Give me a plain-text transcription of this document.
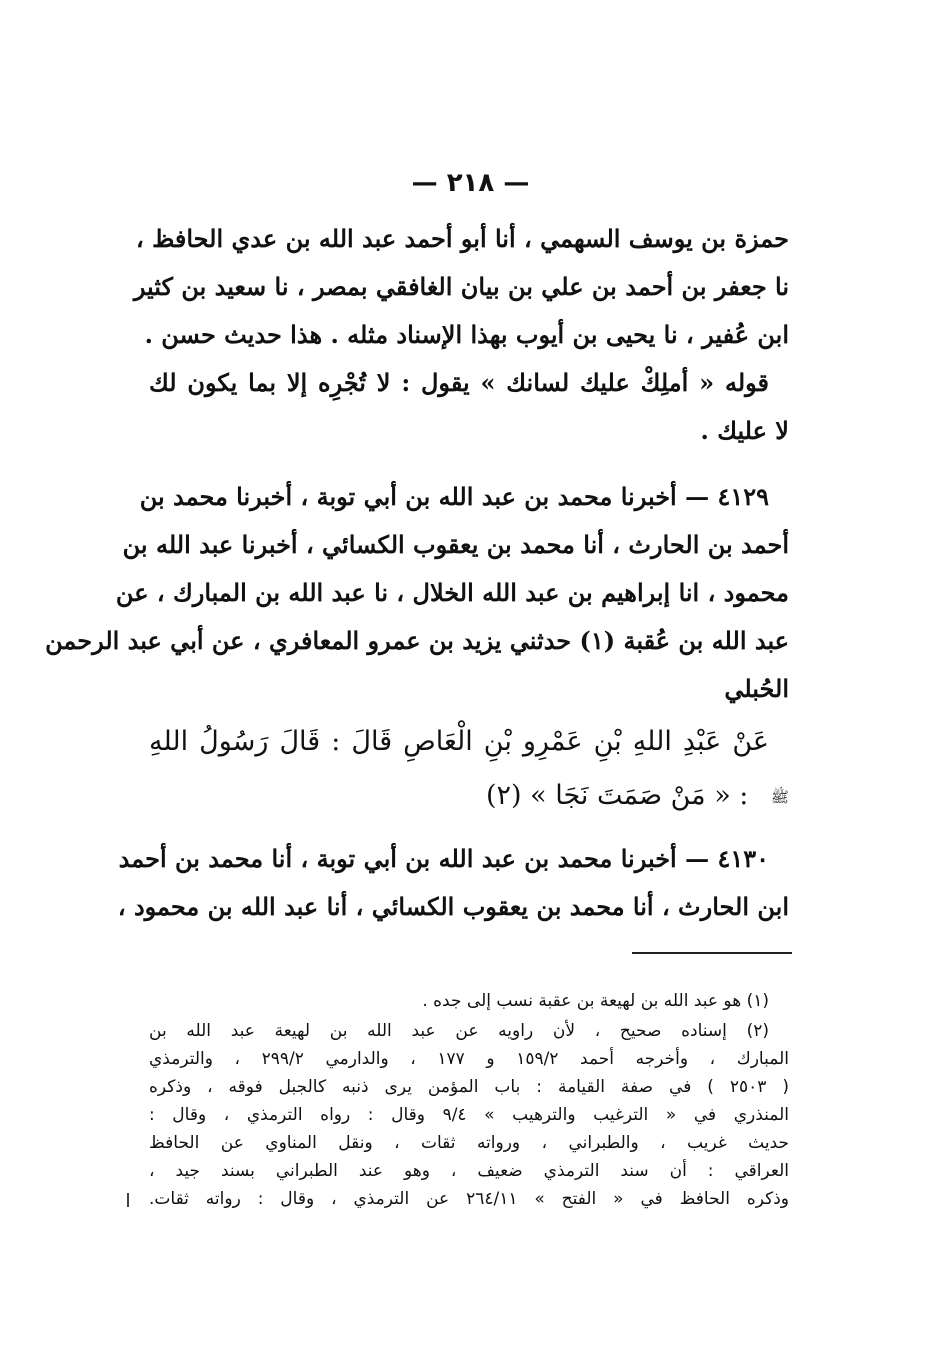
— ٢١٨ —
حمزة بن يوسف السهمي ، أنا أبو أحمد عبد الله بن عدي الحافظ ،
نا جعفر بن أحمد بن علي بن بيان الغافقي بمصر ، نا سعيد بن كثير
ابن عُفير ، نا يحيى بن أيوب بهذا الإسناد مثله . هذا حديث حسن .
قوله « أملِكْ عليك لسانك » يقول : لا تُجْرِه إلا بما يكون لك
لا عليك .
٤١٢٩ — أخبرنا محمد بن عبد الله بن أبي توبة ، أخبرنا محمد بن
أحمد بن الحارث ، أنا محمد بن يعقوب الكسائي ، أخبرنا عبد الله بن
محمود ، انا إبراهيم بن عبد الله الخلال ، نا عبد الله بن المبارك ، عن
عبد الله بن عُقبة (١) حدثني يزيد بن عمرو المعافري ، عن أبي عبد الرحمن
الحُبلي
عَنْ عَبْدِ اللهِ بْنِ عَمْرِو بْنِ الْعَاصِ قَالَ : قَالَ رَسُولُ اللهِ
ﷺ : « مَنْ صَمَتَ نَجَا » (٢)
٤١٣٠ — أخبرنا محمد بن عبد الله بن أبي توبة ، أنا محمد بن أحمد
ابن الحارث ، أنا محمد بن يعقوب الكسائي ، أنا عبد الله بن محمود ،
(١) هو عبد الله بن لهيعة بن عقبة نسب إلى جده .
(٢) إسناده صحيح ، لأن راويه عن عبد الله بن لهيعة عبد الله بن
المبارك ، وأخرجه أحمد ١٥٩/٢ و ١٧٧ ، والدارمي ٢٩٩/٢ ، والترمذي
( ٢٥٠٣ ) في صفة القيامة : باب المؤمن يرى ذنبه كالجبل فوقه ، وذكره
المنذري في « الترغيب والترهيب » ٩/٤ وقال : رواه الترمذي ، وقال :
حديث غريب ، والطبراني ، ورواته ثقات ، ونقل المناوي عن الحافظ
العراقي : أن سند الترمذي ضعيف ، وهو عند الطبراني بسند جيد ،
وذكره الحافظ في « الفتح » ٢٦٤/١١ عن الترمذي ، وقال : رواته ثقات.
